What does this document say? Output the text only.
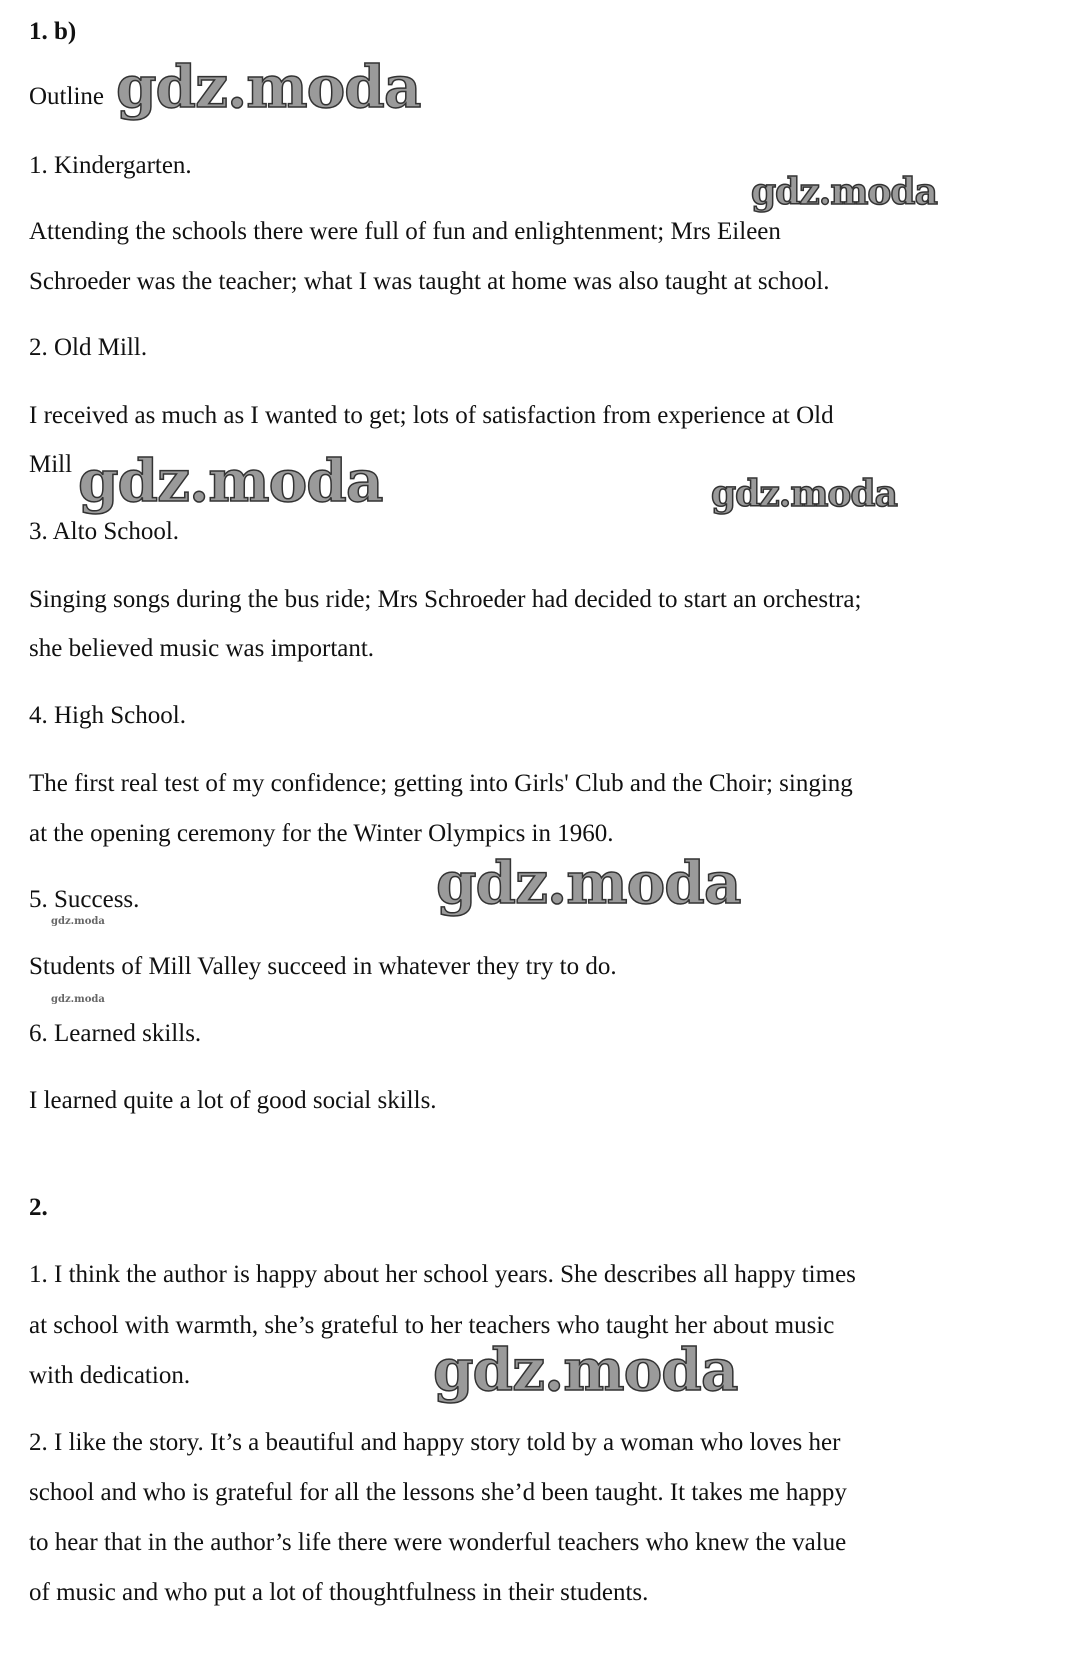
1. b)
Outline
1. Kindergarten.
Attending the schools there were full of fun and enlightenment; Mrs Eileen
Schroeder was the teacher; what I was taught at home was also taught at school.
2. Old Mill.
I received as much as I wanted to get; lots of satisfaction from experience at Old
Mill
3. Alto School.
Singing songs during the bus ride; Mrs Schroeder had decided to start an orchestra;
she believed music was important.
4. High School.
The first real test of my confidence; getting into Girls' Club and the Choir; singing
at the opening ceremony for the Winter Olympics in 1960.
5. Success.
Students of Mill Valley succeed in whatever they try to do.
6. Learned skills.
I learned quite a lot of good social skills.
2.
1. I think the author is happy about her school years. She describes all happy times
at school with warmth, she’s grateful to her teachers who taught her about music
with dedication.
2. I like the story. It’s a beautiful and happy story told by a woman who loves her
school and who is grateful for all the lessons she’d been taught. It takes me happy
to hear that in the author’s life there were wonderful teachers who knew the value
of music and who put a lot of thoughtfulness in their students.
gdz.moda
gdz.moda
gdz.moda	gdz.moda
gdz.moda
gdz.moda
gdz.moda
gdz.moda
